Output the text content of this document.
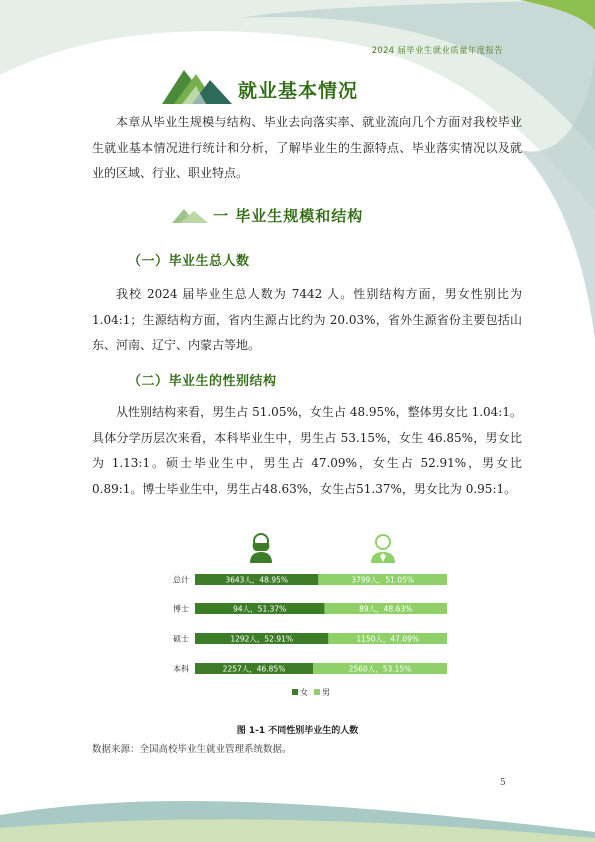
2024 届毕业生就业质量年度报告
就业基本情况
本章从毕业生规模与结构、毕业去向落实率、就业流向几个方面对我校毕业生就业基本情况进行统计和分析，了解毕业生的生源特点、毕业落实情况以及就业的区域、行业、职业特点。
一 毕业生规模和结构
（一）毕业生总人数
我校 2024 届毕业生总人数为 7442 人。性别结构方面，男女性别比为 1.04:1；生源结构方面，省内生源占比约为 20.03%，省外生源省份主要包括山东、河南、辽宁、内蒙古等地。
（二）毕业生的性别结构
从性别结构来看，男生占 51.05%，女生占 48.95%，整体男女比 1.04:1。具体分学历层次来看，本科毕业生中，男生占 53.15%，女生 46.85%，男女比为 1.13:1。硕士毕业生中，男生占 47.09%，女生占 52.91%，男女比0.89:1。博士毕业生中，男生占48.63%，女生占51.37%，男女比为 0.95:1。
总计	3643人，48.95%	3799人，51.05%
博士	94人，51.37%	89人，48.63%
硕士	1292人，52.91%	1150人，47.09%
本科	2257人，46.85%	2560人，53.15%
女 男
图 1-1 不同性别毕业生的人数
数据来源：全国高校毕业生就业管理系统数据。
5
